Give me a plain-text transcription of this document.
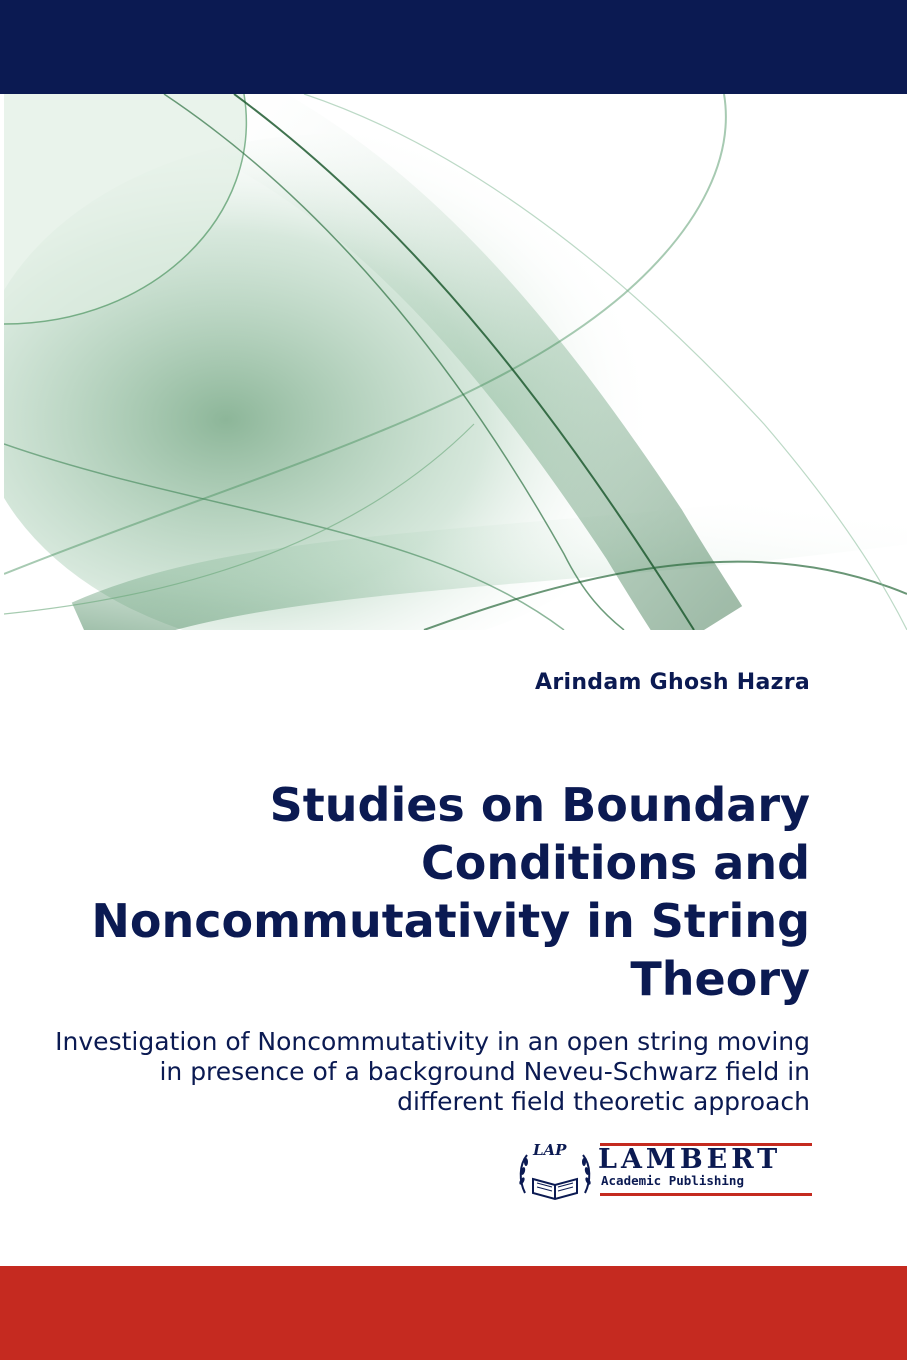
Arindam Ghosh Hazra
Studies on Boundary Conditions and Noncommutativity in String Theory

Investigation of Noncommutativity in an open string moving in presence of a background Neveu-Schwarz field in different field theoretic approach

LAP LAMBERT
Academic Publishing
